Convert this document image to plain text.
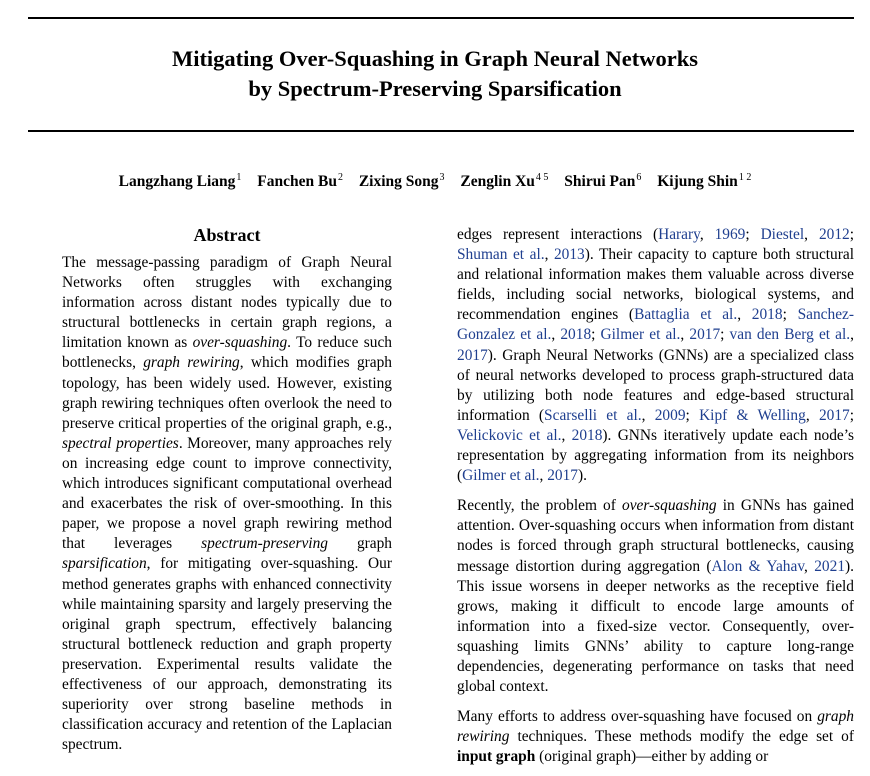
Mitigating Over-Squashing in Graph Neural Networks
by Spectrum-Preserving Sparsification
Langzhang Liang$^1$ Fanchen Bu$^2$ Zixing Song$^3$ Zenglin $Xu^{4 5}$ Shirui Pan$^6$ Kijung Shin$^{1 2}$
Abstract

The message-passing paradigm of Graph Neural Networks often struggles with exchanging information across distant nodes typically due to structural bottlenecks in certain graph regions, a limitation known as over-squashing. To reduce such bottlenecks, graph rewiring, which modifies graph topology, has been widely used. However, existing graph rewiring techniques often overlook the need to preserve critical properties of the original graph, e.g., spectral properties. Moreover, many approaches rely on increasing edge count to improve connectivity, which introduces significant computational overhead and exacerbates the risk of over-smoothing. In this paper, we propose a novel graph rewiring method that leverages spectrum-preserving graph sparsification, for mitigating over-squashing. Our method generates graphs with enhanced connectivity while maintaining sparsity and largely preserving the original graph spectrum, effectively balancing structural bottleneck reduction and graph property preservation. Experimental results validate the effectiveness of our approach, demonstrating its superiority over strong baseline methods in classification accuracy and retention of the Laplacian spectrum.

edges represent interactions (Harary, 1969; Diestel, 2012; Shuman et al., 2013). Their capacity to capture both structural and relational information makes them valuable across diverse fields, including social networks, biological systems, and recommendation engines (Battaglia et al., 2018; Sanchez-Gonzalez et al., 2018; Gilmer et al., 2017; van den Berg et al., 2017). Graph Neural Networks (GNNs) are a specialized class of neural networks developed to process graph-structured data by utilizing both node features and edge-based structural information (Scarselli et al., 2009; Kipf & Welling, 2017; Velickovic et al., 2018). GNNs iteratively update each node’s representation by aggregating information from its neighbors (Gilmer et al., 2017).

Recently, the problem of over-squashing in GNNs has gained attention. Over-squashing occurs when information from distant nodes is forced through graph structural bottlenecks, causing message distortion during aggregation (Alon & Yahav, 2021). This issue worsens in deeper networks as the receptive field grows, making it difficult to encode large amounts of information into a fixed-size vector. Consequently, over-squashing limits GNNs’ ability to capture long-range dependencies, degenerating performance on tasks that need global context.

Many efforts to address over-squashing have focused on graph rewiring techniques. These methods modify the edge set of input graph (original graph)—either by adding or
